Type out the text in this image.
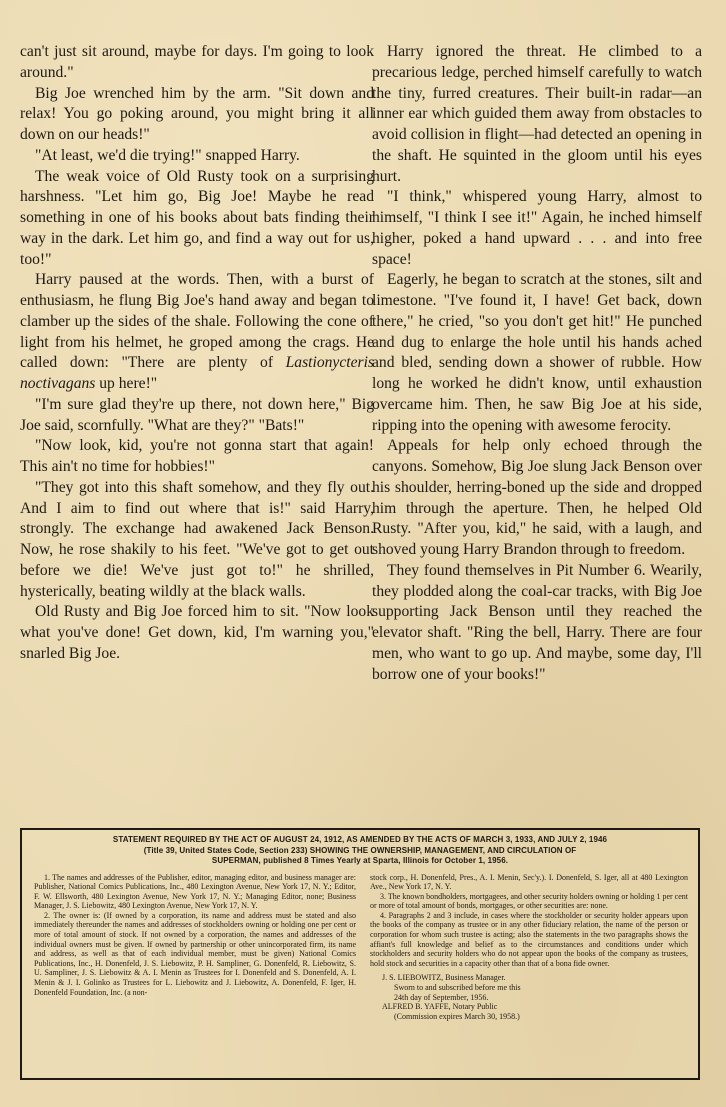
can't just sit around, maybe for days. I'm going to look around."

Big Joe wrenched him by the arm. "Sit down and relax! You go poking around, you might bring it all down on our heads!"

"At least, we'd die trying!" snapped Harry.

The weak voice of Old Rusty took on a surprising harshness. "Let him go, Big Joe! Maybe he read something in one of his books about bats finding their way in the dark. Let him go, and find a way out for us, too!"

Harry paused at the words. Then, with a burst of enthusiasm, he flung Big Joe's hand away and began to clamber up the sides of the shale. Following the cone of light from his helmet, he groped among the crags. He called down: "There are plenty of Lastionycteris noctivagans up here!"

"I'm sure glad they're up there, not down here," Big Joe said, scornfully. "What are they?" "Bats!"

"Now look, kid, you're not gonna start that again! This ain't no time for hobbies!"

"They got into this shaft somehow, and they fly out. And I aim to find out where that is!" said Harry, strongly. The exchange had awakened Jack Benson. Now, he rose shakily to his feet. "We've got to get out before we die! We've just got to!" he shrilled, hysterically, beating wildly at the black walls.

Old Rusty and Big Joe forced him to sit. "Now look what you've done! Get down, kid, I'm warning you," snarled Big Joe.

Harry ignored the threat. He climbed to a precarious ledge, perched himself carefully to watch the tiny, furred creatures. Their built-in radar—an inner ear which guided them away from obstacles to avoid collision in flight—had detected an opening in the shaft. He squinted in the gloom until his eyes hurt.

"I think," whispered young Harry, almost to himself, "I think I see it!" Again, he inched himself higher, poked a hand upward . . . and into free space!

Eagerly, he began to scratch at the stones, silt and limestone. "I've found it, I have! Get back, down there," he cried, "so you don't get hit!" He punched and dug to enlarge the hole until his hands ached and bled, sending down a shower of rubble. How long he worked he didn't know, until exhaustion overcame him. Then, he saw Big Joe at his side, ripping into the opening with awesome ferocity.

Appeals for help only echoed through the canyons. Somehow, Big Joe slung Jack Benson over his shoulder, herring-boned up the side and dropped him through the aperture. Then, he helped Old Rusty. "After you, kid," he said, with a laugh, and shoved young Harry Brandon through to freedom.

They found themselves in Pit Number 6. Wearily, they plodded along the coal-car tracks, with Big Joe supporting Jack Benson until they reached the elevator shaft. "Ring the bell, Harry. There are four men, who want to go up. And maybe, some day, I'll borrow one of your books!"

STATEMENT REQUIRED BY THE ACT OF AUGUST 24, 1912, AS AMENDED BY THE ACTS OF MARCH 3, 1933, AND JULY 2, 1946
(Title 39, United States Code, Section 233) SHOWING THE OWNERSHIP, MANAGEMENT, AND CIRCULATION OF
SUPERMAN, published 8 Times Yearly at Sparta, Illinois for October 1, 1956.

1. The names and addresses of the Publisher, editor, managing editor, and business manager are: Publisher, National Comics Publications, Inc., 480 Lexington Avenue, New York 17, N. Y.; Editor, F. W. Ellsworth, 480 Lexington Avenue, New York 17, N. Y.; Managing Editor, none; Business Manager, J. S. Liebowitz, 480 Lexington Avenue, New York 17, N. Y.

2. The owner is: (If owned by a corporation, its name and address must be stated and also immediately thereunder the names and addresses of stockholders owning or holding one per cent or more of total amount of stock. If not owned by a corporation, the names and addresses of the individual owners must be given. If owned by partnership or other unincorporated firm, its name and address, as well as that of each individual member, must be given) National Comics Publications, Inc., H. Donenfeld, J. S. Liebowitz, P. H. Sampliner, G. Donenfeld, R. Liebowitz, S. U. Sampliner, J. S. Liebowitz & A. I. Menin as Trustees for I. Donenfeld and S. Donenfeld, A. I. Menin & J. I. Golinko as Trustees for L. Liebowitz and J. Liebowitz, A. Donenfeld, F. Iger, H. Donenfeld Foundation, Inc. (a non-

stock corp., H. Donenfeld, Pres., A. I. Menin, Sec'y.). I. Donenfeld, S. Iger, all at 480 Lexington Ave., New York 17, N. Y.

3. The known bondholders, mortgagees, and other security holders owning or holding 1 per cent or more of total amount of bonds, mortgages, or other securities are: none.

4. Paragraphs 2 and 3 include, in cases where the stockholder or security holder appears upon the books of the company as trustee or in any other fiduciary relation, the name of the person or corporation for whom such trustee is acting; also the statements in the two paragraphs shows the affiant's full knowledge and belief as to the circumstances and conditions under which stockholders and security holders who do not appear upon the books of the company as trustees, hold stock and securities in a capacity other than that of a bona fide owner.

J. S. LIEBOWITZ, Business Manager.
Sworn to and subscribed before me this
24th day of September, 1956.
ALFRED B. YAFFE, Notary Public
(Commission expires March 30, 1958.)
